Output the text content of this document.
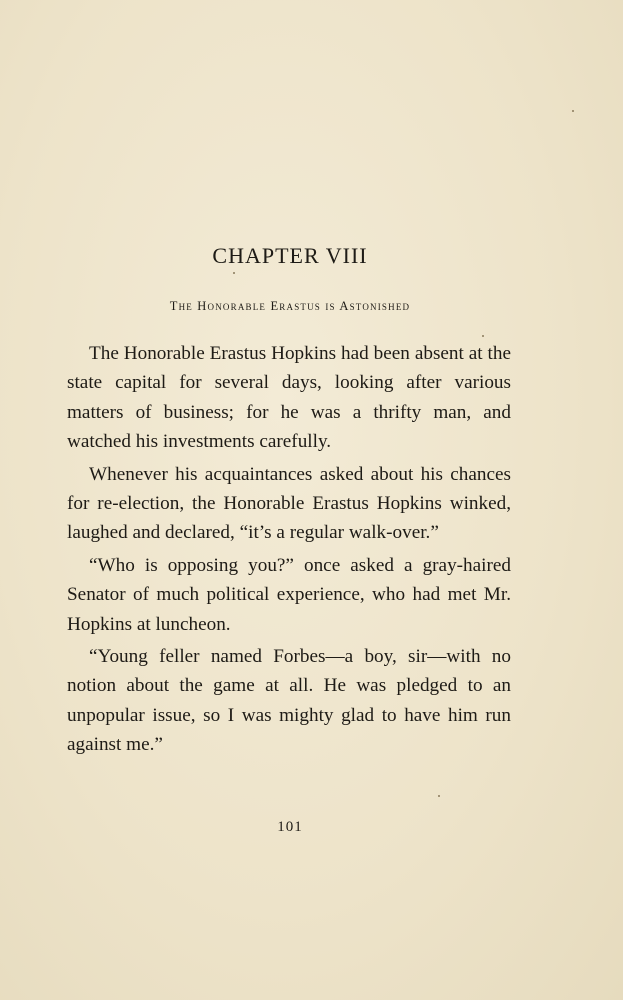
CHAPTER VIII
The Honorable Erastus is Astonished

The Honorable Erastus Hopkins had been absent at the state capital for several days, looking after various matters of business; for he was a thrifty man, and watched his investments carefully.

Whenever his acquaintances asked about his chances for re-election, the Honorable Erastus Hopkins winked, laughed and declared, “it’s a regular walk-over.”

“Who is opposing you?” once asked a gray-haired Senator of much political experience, who had met Mr. Hopkins at luncheon.

“Young feller named Forbes—a boy, sir—with no notion about the game at all. He was pledged to an unpopular issue, so I was mighty glad to have him run against me.”

101
